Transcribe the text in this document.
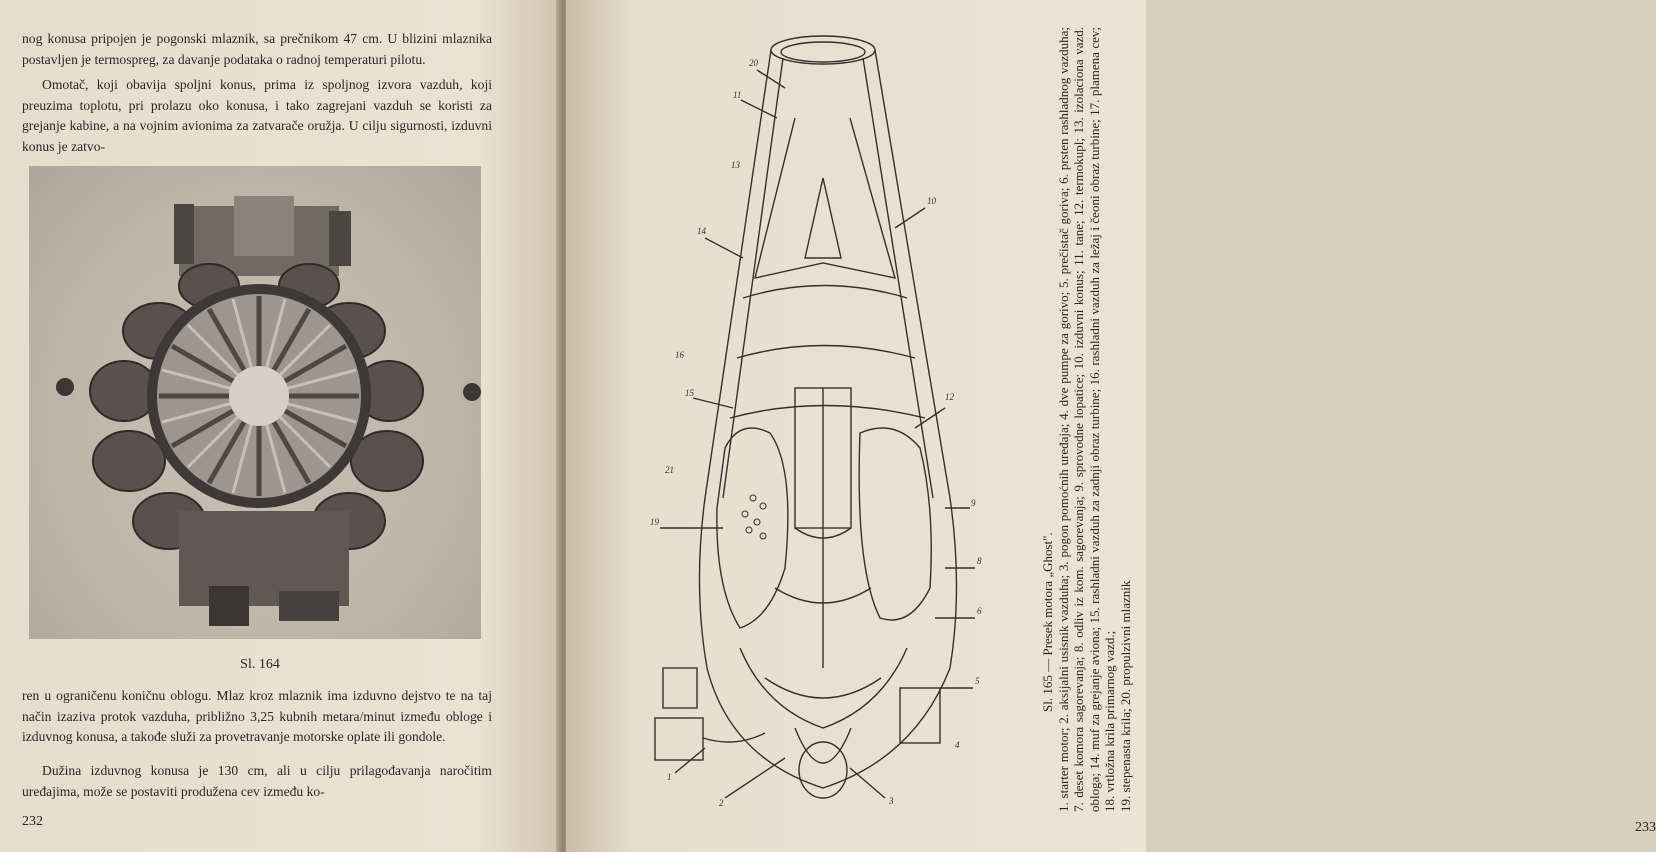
nog konusa pripojen je pogonski mlaznik, sa prečnikom 47 cm. U blizini mlaznika postavljen je termospreg, za davanje podataka o radnoj temperaturi pilotu.

Omotač, koji obavija spoljni konus, prima iz spoljnog izvora vazduh, koji preuzima toplotu, pri prolazu oko konusa, i tako zagrejani vazduh se koristi za grejanje kabine, a na vojnim avionima za zatvarače oružja. U cilju sigurnosti, izduvni konus je zatvo-

Sl. 164

ren u ograničenu koničnu oblogu. Mlaz kroz mlaznik ima izduvno dejstvo te na taj način izaziva protok vazduha, približno 3,25 kubnih metara/minut između obloge i izduvnog konusa, a takođe služi za provetravanje motorske oplate ili gondole.

Dužina izduvnog konusa je 130 cm, ali u cilju prilagođavanja naročitim uređajima, može se postaviti produžena cev između ko-

232	233
20
11
13
14
10
15	12
16
19
21
9
8
6
5
4
3
2
1
Sl. 165 — Presek motora „Ghost". 1. starter motor; 2. aksijalni usisnik vazduha; 3. pogon pomoćnih uređaja; 4. dve pumpe za gorivo; 5. prečistač goriva; 6. prsten rashladnog vazduha; 7. deset komora sagorevanja; 8. odliv iz kom. sagorevanja; 9. sprovodne lopatice; 10. izduvni konus; 11. tane; 12. termokupl; 13. izolaciona vazd. obloga; 14. muf za grejanje aviona; 15. rashladni vazduh za zadnji obraz turbine; 16. rashladni vazduh za ležaj i čeoni obraz turbine; 17. plamena cev; 18. vrtložna krila primarnog vazd.; 19. stepenasta krila; 20. propulzivni mlaznik
